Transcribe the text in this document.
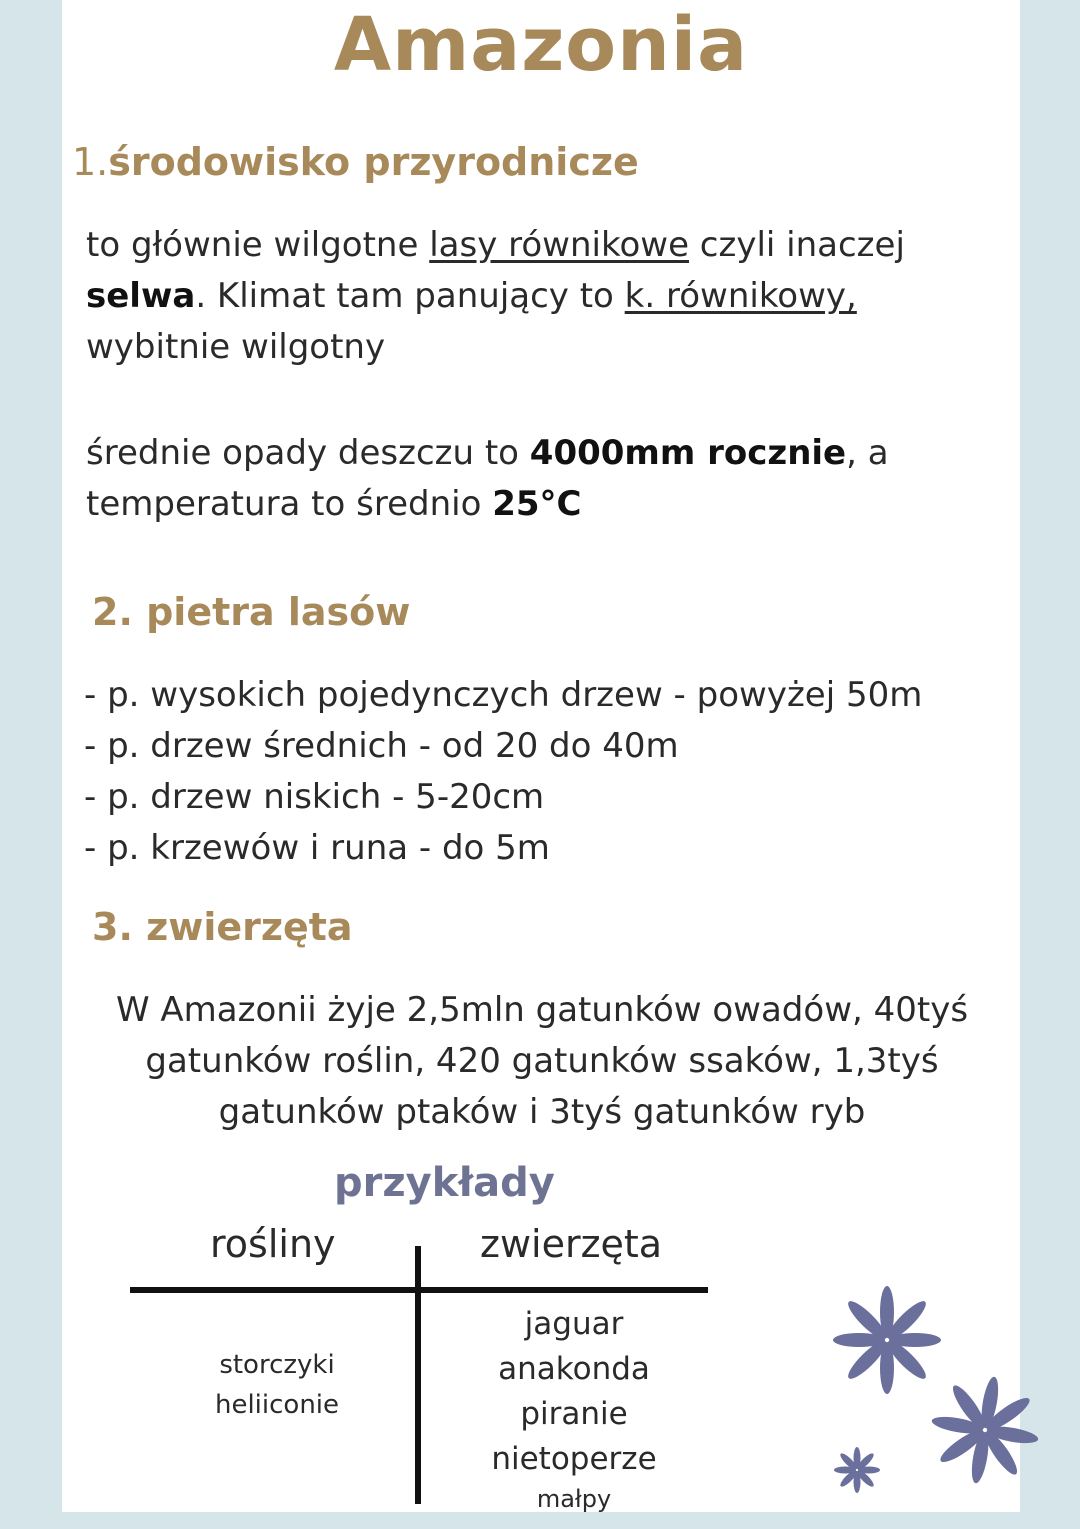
Amazonia
1.środowisko przyrodnicze
to głównie wilgotne lasy równikowe czyli inaczej selwa. Klimat tam panujący to k. równikowy, wybitnie wilgotny
średnie opady deszczu to 4000mm rocznie, a temperatura to średnio 25°C
2. pietra lasów
- p. wysokich pojedynczych drzew - powyżej 50m
- p. drzew średnich - od 20 do 40m
- p. drzew niskich - 5-20cm
- p. krzewów i runa - do 5m
3. zwierzęta
W Amazonii żyje 2,5mln gatunków owadów, 40tyś gatunków roślin, 420 gatunków ssaków, 1,3tyś gatunków ptaków i 3tyś gatunków ryb
przykłady
rośliny	zwierzęta
storczyki
heliiconie
jaguar
anakonda
piranie
nietoperze
małpy
